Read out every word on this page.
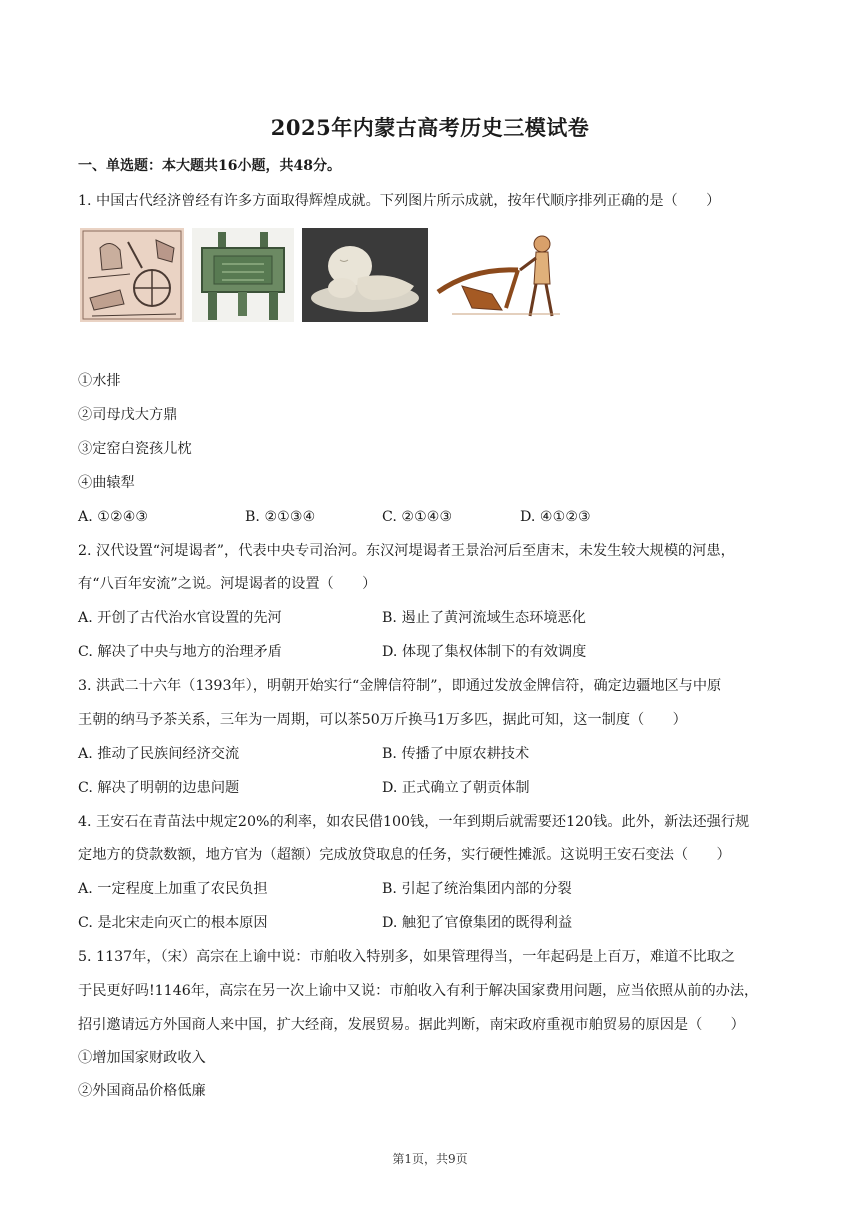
2025年内蒙古高考历史三模试卷
一、单选题：本大题共16小题，共48分。
1. 中国古代经济曾经有许多方面取得辉煌成就。下列图片所示成就，按年代顺序排列正确的是（　　）
①水排
②司母戊大方鼎
③定窑白瓷孩儿枕
④曲辕犁
A. ①②④③	B. ②①③④	C. ②①④③	D. ④①②③
2. 汉代设置“河堤谒者”，代表中央专司治河。东汉河堤谒者王景治河后至唐末，未发生较大规模的河患，
有“八百年安流”之说。河堤谒者的设置（　　）
A. 开创了古代治水官设置的先河	B. 遏止了黄河流域生态环境恶化
C. 解决了中央与地方的治理矛盾	D. 体现了集权体制下的有效调度
3. 洪武二十六年（1393年），明朝开始实行“金牌信符制”，即通过发放金牌信符，确定边疆地区与中原
王朝的纳马予茶关系，三年为一周期，可以茶50万斤换马1万多匹，据此可知，这一制度（　　）
A. 推动了民族间经济交流	B. 传播了中原农耕技术
C. 解决了明朝的边患问题	D. 正式确立了朝贡体制
4. 王安石在青苗法中规定20%的利率，如农民借100钱，一年到期后就需要还120钱。此外，新法还强行规
定地方的贷款数额，地方官为（超额）完成放贷取息的任务，实行硬性摊派。这说明王安石变法（　　）
A. 一定程度上加重了农民负担	B. 引起了统治集团内部的分裂
C. 是北宋走向灭亡的根本原因	D. 触犯了官僚集团的既得利益
5. 1137年，（宋）高宗在上谕中说：市舶收入特别多，如果管理得当，一年起码是上百万，难道不比取之
于民更好吗!1146年，高宗在另一次上谕中又说：市舶收入有利于解决国家费用问题，应当依照从前的办法，
招引邀请远方外国商人来中国，扩大经商，发展贸易。据此判断，南宋政府重视市舶贸易的原因是（　　）
①增加国家财政收入
②外国商品价格低廉
第1页，共9页
